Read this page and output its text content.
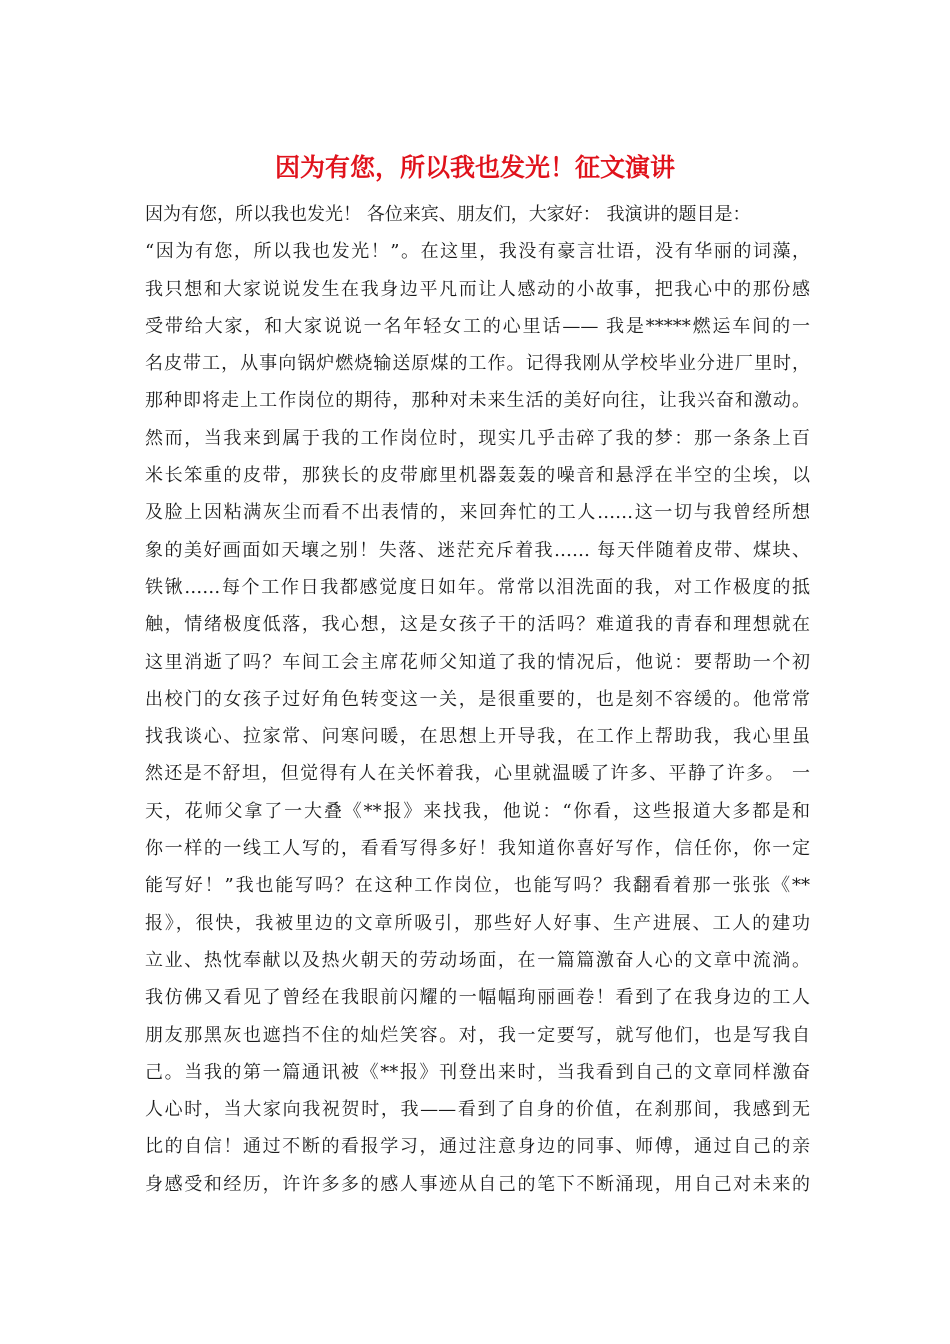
因为有您，所以我也发光！征文演讲
因为有您，所以我也发光！ 各位来宾、朋友们，大家好： 我演讲的题目是：
“因为有您，所以我也发光！”。在这里，我没有豪言壮语，没有华丽的词藻，
我只想和大家说说发生在我身边平凡而让人感动的小故事，把我心中的那份感
受带给大家，和大家说说一名年轻女工的心里话—— 我是*****燃运车间的一
名皮带工，从事向锅炉燃烧输送原煤的工作。记得我刚从学校毕业分进厂里时，
那种即将走上工作岗位的期待，那种对未来生活的美好向往，让我兴奋和激动。
然而，当我来到属于我的工作岗位时，现实几乎击碎了我的梦：那一条条上百
米长笨重的皮带，那狭长的皮带廊里机器轰轰的噪音和悬浮在半空的尘埃，以
及脸上因粘满灰尘而看不出表情的，来回奔忙的工人……这一切与我曾经所想
象的美好画面如天壤之别！失落、迷茫充斥着我…… 每天伴随着皮带、煤块、
铁锹……每个工作日我都感觉度日如年。常常以泪洗面的我，对工作极度的抵
触，情绪极度低落，我心想，这是女孩子干的活吗？难道我的青春和理想就在
这里消逝了吗？车间工会主席花师父知道了我的情况后，他说：要帮助一个初
出校门的女孩子过好角色转变这一关，是很重要的，也是刻不容缓的。他常常
找我谈心、拉家常、问寒问暖，在思想上开导我，在工作上帮助我，我心里虽
然还是不舒坦，但觉得有人在关怀着我，心里就温暖了许多、平静了许多。 一
天，花师父拿了一大叠《**报》来找我，他说：“你看，这些报道大多都是和
你一样的一线工人写的，看看写得多好！我知道你喜好写作，信任你，你一定
能写好！”我也能写吗？在这种工作岗位，也能写吗？我翻看着那一张张《**
报》，很快，我被里边的文章所吸引，那些好人好事、生产进展、工人的建功
立业、热忱奉献以及热火朝天的劳动场面，在一篇篇激奋人心的文章中流淌。
我仿佛又看见了曾经在我眼前闪耀的一幅幅珣丽画卷！看到了在我身边的工人
朋友那黑灰也遮挡不住的灿烂笑容。对，我一定要写，就写他们，也是写我自
己。当我的第一篇通讯被《**报》刊登出来时，当我看到自己的文章同样激奋
人心时，当大家向我祝贺时，我——看到了自身的价值，在刹那间，我感到无
比的自信！通过不断的看报学习，通过注意身边的同事、师傅，通过自己的亲
身感受和经历，许许多多的感人事迹从自己的笔下不断涌现，用自己对未来的
